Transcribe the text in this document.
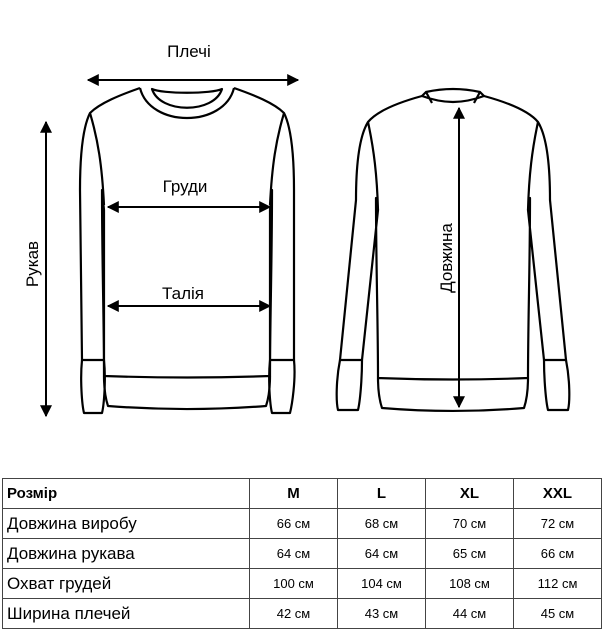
Плечі
Груди
Талія
Рукав	Довжина
Розмір	M	L	XL	XXL
Довжина виробу	66 см	68 см	70 см	72 см
Довжина рукава	64 см	64 см	65 см	66 см
Охват грудей	100 см	104 см	108 см	112 см
Ширина плечей	42 см	43 см	44 см	45 см
